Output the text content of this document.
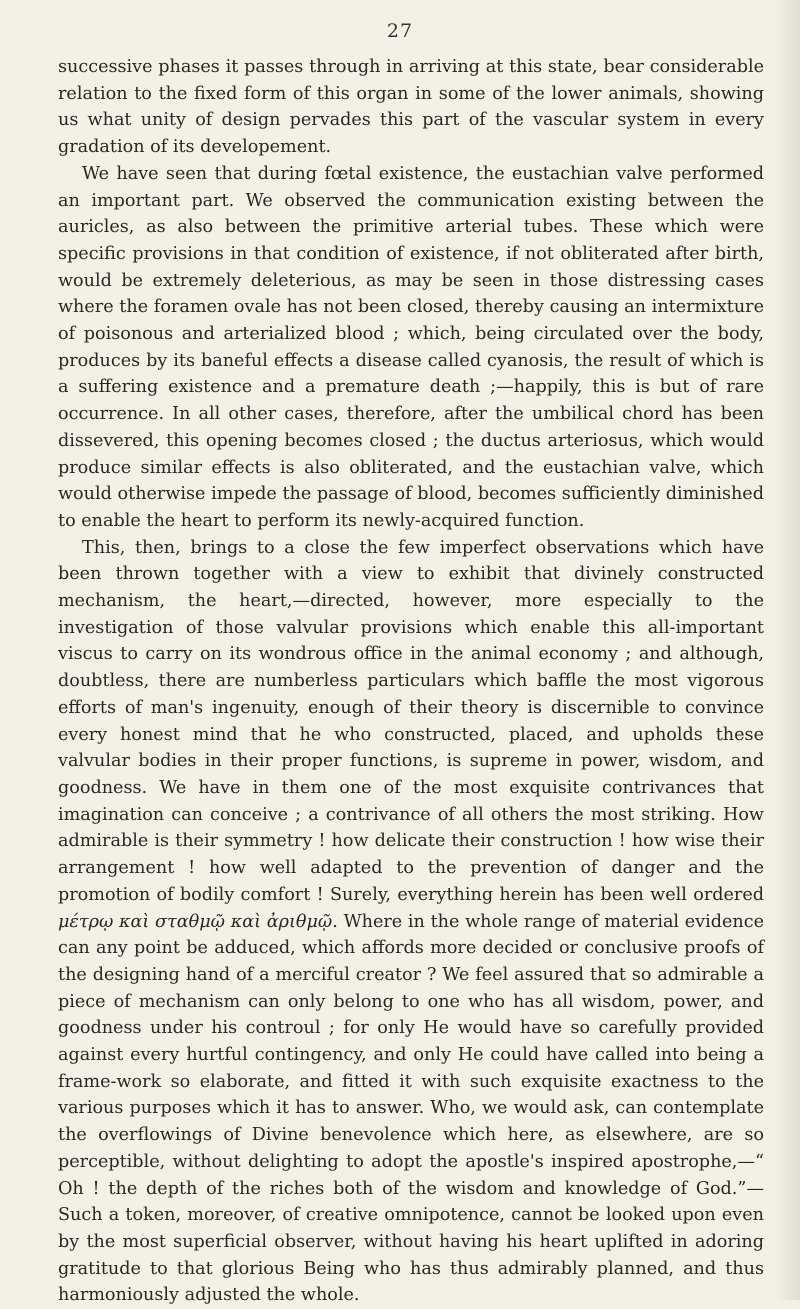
27

successive phases it passes through in arriving at this state, bear considerable relation to the fixed form of this organ in some of the lower animals, showing us what unity of design pervades this part of the vascular system in every gradation of its developement.

We have seen that during fœtal existence, the eustachian valve performed an important part. We observed the communication existing between the auricles, as also between the primitive arterial tubes. These which were specific provisions in that condition of existence, if not obliterated after birth, would be extremely deleterious, as may be seen in those distressing cases where the foramen ovale has not been closed, thereby causing an intermixture of poisonous and arterialized blood ; which, being circulated over the body, produces by its baneful effects a disease called cyanosis, the result of which is a suffering existence and a premature death ;—happily, this is but of rare occurrence. In all other cases, therefore, after the umbilical chord has been dissevered, this opening becomes closed ; the ductus arteriosus, which would produce similar effects is also obliterated, and the eustachian valve, which would otherwise impede the passage of blood, becomes sufficiently diminished to enable the heart to perform its newly-acquired function.

This, then, brings to a close the few imperfect observations which have been thrown together with a view to exhibit that divinely constructed mechanism, the heart,—directed, however, more especially to the investigation of those valvular provisions which enable this all-important viscus to carry on its wondrous office in the animal economy ; and although, doubtless, there are numberless particulars which baffle the most vigorous efforts of man's ingenuity, enough of their theory is discernible to convince every honest mind that he who constructed, placed, and upholds these valvular bodies in their proper functions, is supreme in power, wisdom, and goodness. We have in them one of the most exquisite contrivances that imagination can conceive ; a contrivance of all others the most striking. How admirable is their symmetry ! how delicate their construction ! how wise their arrangement ! how well adapted to the prevention of danger and the promotion of bodily comfort ! Surely, everything herein has been well ordered μέτρῳ καὶ σταθμῷ καὶ ἀριθμῷ. Where in the whole range of material evidence can any point be adduced, which affords more decided or conclusive proofs of the designing hand of a merciful creator ? We feel assured that so admirable a piece of mechanism can only belong to one who has all wisdom, power, and goodness under his controul ; for only He would have so carefully provided against every hurtful contingency, and only He could have called into being a frame-work so elaborate, and fitted it with such exquisite exactness to the various purposes which it has to answer. Who, we would ask, can contemplate the overflowings of Divine benevolence which here, as elsewhere, are so perceptible, without delighting to adopt the apostle's inspired apostrophe,—“ Oh ! the depth of the riches both of the wisdom and knowledge of God.”— Such a token, moreover, of creative omnipotence, cannot be looked upon even by the most superficial observer, without having his heart uplifted in adoring gratitude to that glorious Being who has thus admirably planned, and thus harmoniously adjusted the whole.
